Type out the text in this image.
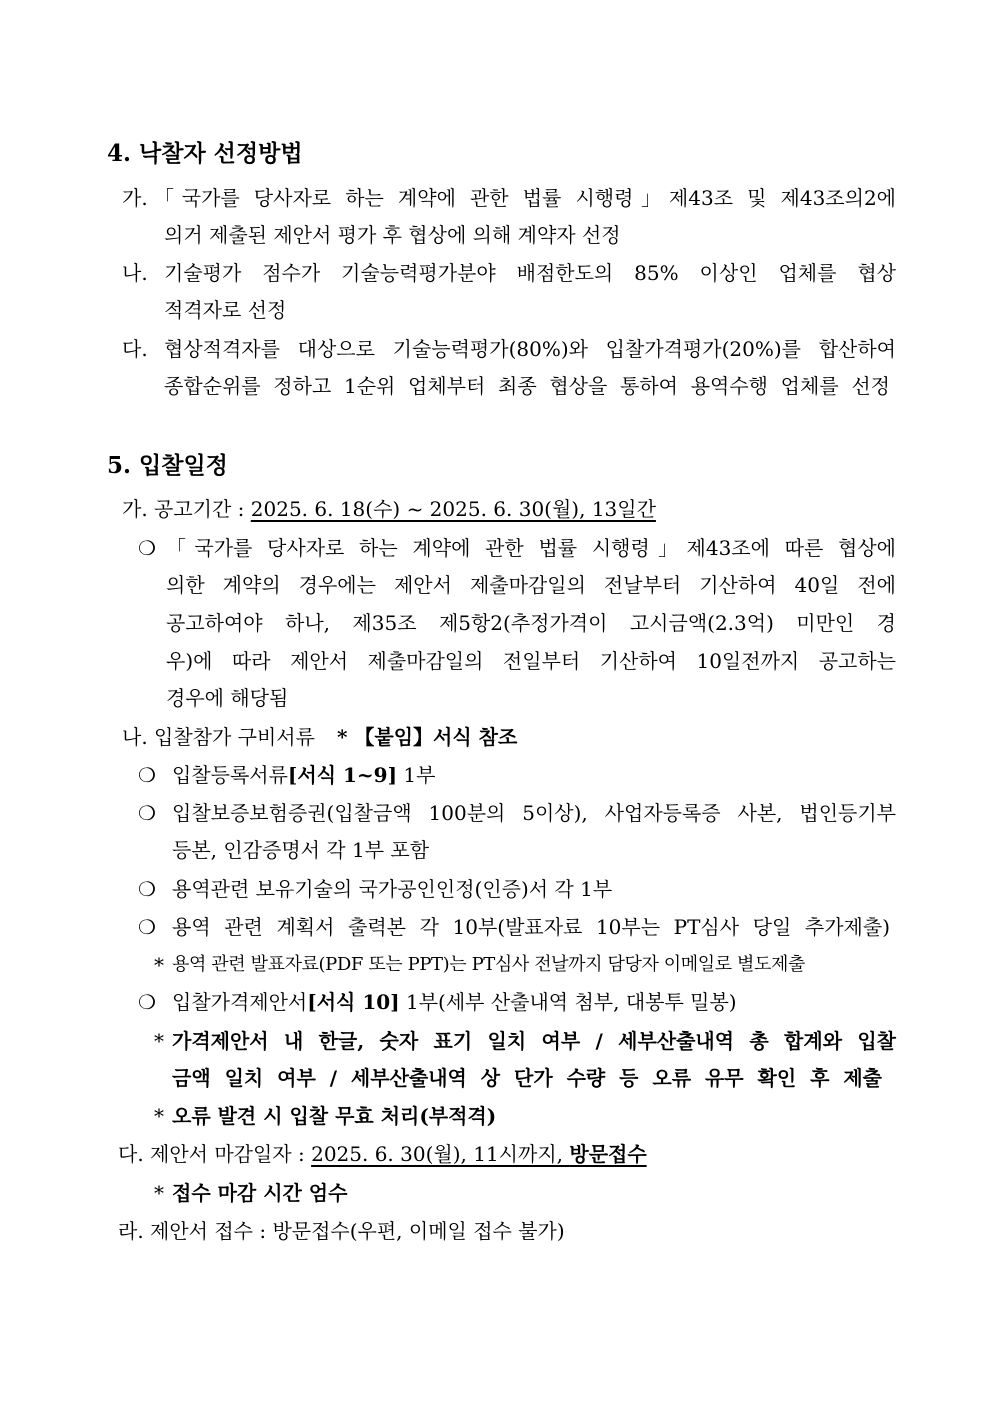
4. 낙찰자 선정방법
가. 「국가를 당사자로 하는 계약에 관한 법률 시행령」제43조 및 제43조의2에
의거 제출된 제안서 평가 후 협상에 의해 계약자 선정
나. 기술평가 점수가 기술능력평가분야 배점한도의 85% 이상인 업체를 협상
적격자로 선정
다. 협상적격자를 대상으로 기술능력평가(80%)와 입찰가격평가(20%)를 합산하여
종합순위를 정하고 1순위 업체부터 최종 협상을 통하여 용역수행 업체를 선정
5. 입찰일정
가. 공고기간 : 2025. 6. 18(수) ~ 2025. 6. 30(월), 13일간
❍ 「국가를 당사자로 하는 계약에 관한 법률 시행령」제43조에 따른 협상에
의한 계약의 경우에는 제안서 제출마감일의 전날부터 기산하여 40일 전에
공고하여야 하나, 제35조 제5항2(추정가격이 고시금액(2.3억) 미만인 경
우)에 따라 제안서 제출마감일의 전일부터 기산하여 10일전까지 공고하는
경우에 해당됨
나. 입찰참가 구비서류 * 【붙임】서식 참조
❍ 입찰등록서류[서식 1~9] 1부
❍ 입찰보증보험증권(입찰금액 100분의 5이상), 사업자등록증 사본, 법인등기부
등본, 인감증명서 각 1부 포함
❍ 용역관련 보유기술의 국가공인인정(인증)서 각 1부
❍ 용역 관련 계획서 출력본 각 10부(발표자료 10부는 PT심사 당일 추가제출)
* 용역 관련 발표자료(PDF 또는 PPT)는 PT심사 전날까지 담당자 이메일로 별도제출
❍ 입찰가격제안서[서식 10] 1부(세부 산출내역 첨부, 대봉투 밀봉)
* 가격제안서 내 한글, 숫자 표기 일치 여부 / 세부산출내역 총 합계와 입찰
금액 일치 여부 / 세부산출내역 상 단가 수량 등 오류 유무 확인 후 제출
* 오류 발견 시 입찰 무효 처리(부적격)
다. 제안서 마감일자 : 2025. 6. 30(월), 11시까지, 방문접수
* 접수 마감 시간 엄수
라. 제안서 접수 : 방문접수(우편, 이메일 접수 불가)
